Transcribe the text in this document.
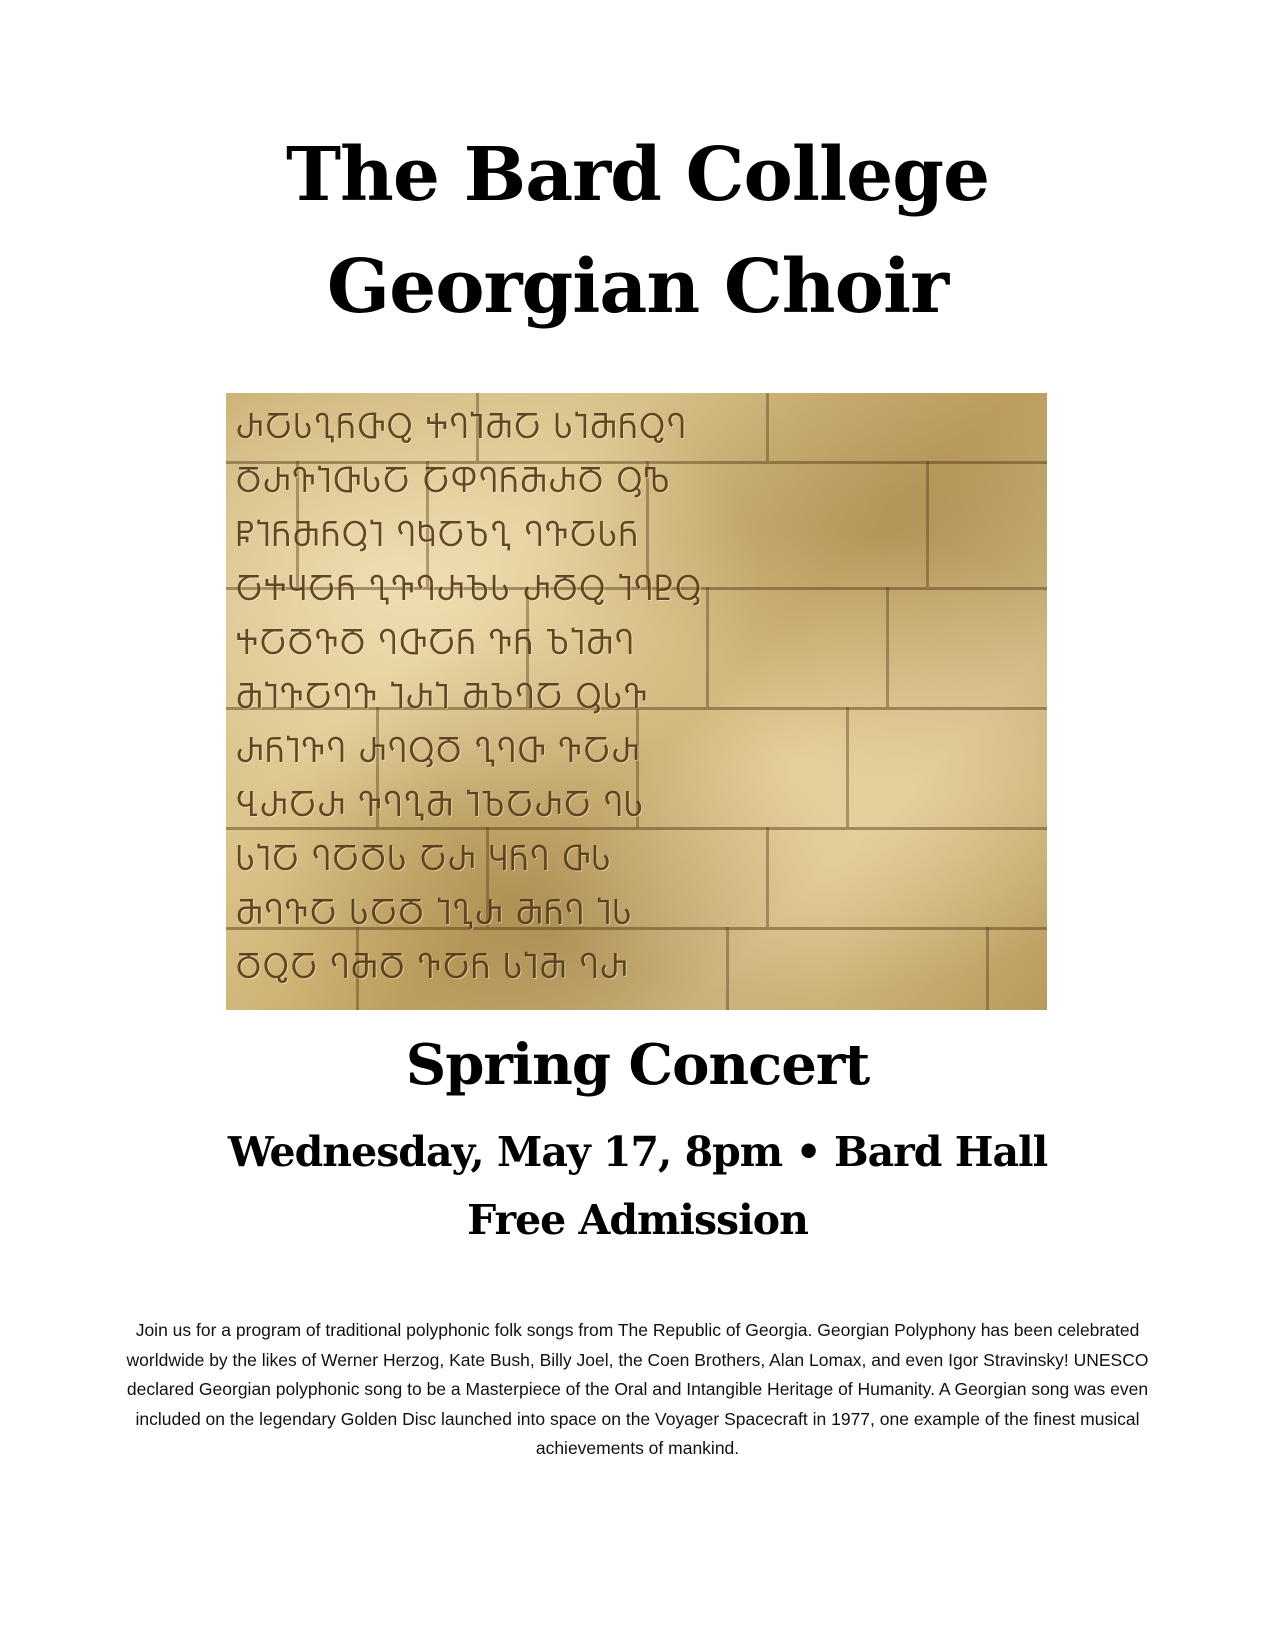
The Bard College
Georgian Choir
ႰႠႱႢႬႧႭ ႵႤႨႫႠ ႱႨႫႬႭႤ
ႣႰႥႨႧႱႠ ႠႴႤႬႫႰႣ ႳႪ
ႼႨႬႫႬႳႨ ႤႩႠႦႢ ႤႥႠႱႬ
ႠႵႷႠႬ ႢႥႤႰႦႱ ႰႣႭ ႨႤႲႳ
ႵႠႣႥႣ ႤႧႠႬ ႥႬ ႦႨႫႤ
ႫႨႥႠႤႥ ႨႰႨ ႫႦႤႠ ႳႱႥ
ႰႬႨႥႤ ႰႤႳႣ ႢႤႧ ႥႠႰ
ႡႰႠႰ ႥႤႢႫ ႨႦႠႰႠ ႤႱ
ႱႨႠ ႤႠႣႱ ႠႰ ႷႬႤ ႧႱ
ႫႤႥႠ ႱႠႣ ႨႢႰ ႫႬႤ ႨႱ
ႣႭႠ ႤႫႣ ႥႠႬ ႱႨႫ ႤႰ
Spring Concert
Wednesday, May 17, 8pm • Bard Hall
Free Admission

Join us for a program of traditional polyphonic folk songs from The Republic of Georgia. Georgian Polyphony has been celebrated worldwide by the likes of Werner Herzog, Kate Bush, Billy Joel, the Coen Brothers, Alan Lomax, and even Igor Stravinsky! UNESCO declared Georgian polyphonic song to be a Masterpiece of the Oral and Intangible Heritage of Humanity. A Georgian song was even included on the legendary Golden Disc launched into space on the Voyager Spacecraft in 1977, one example of the finest musical achievements of mankind.
